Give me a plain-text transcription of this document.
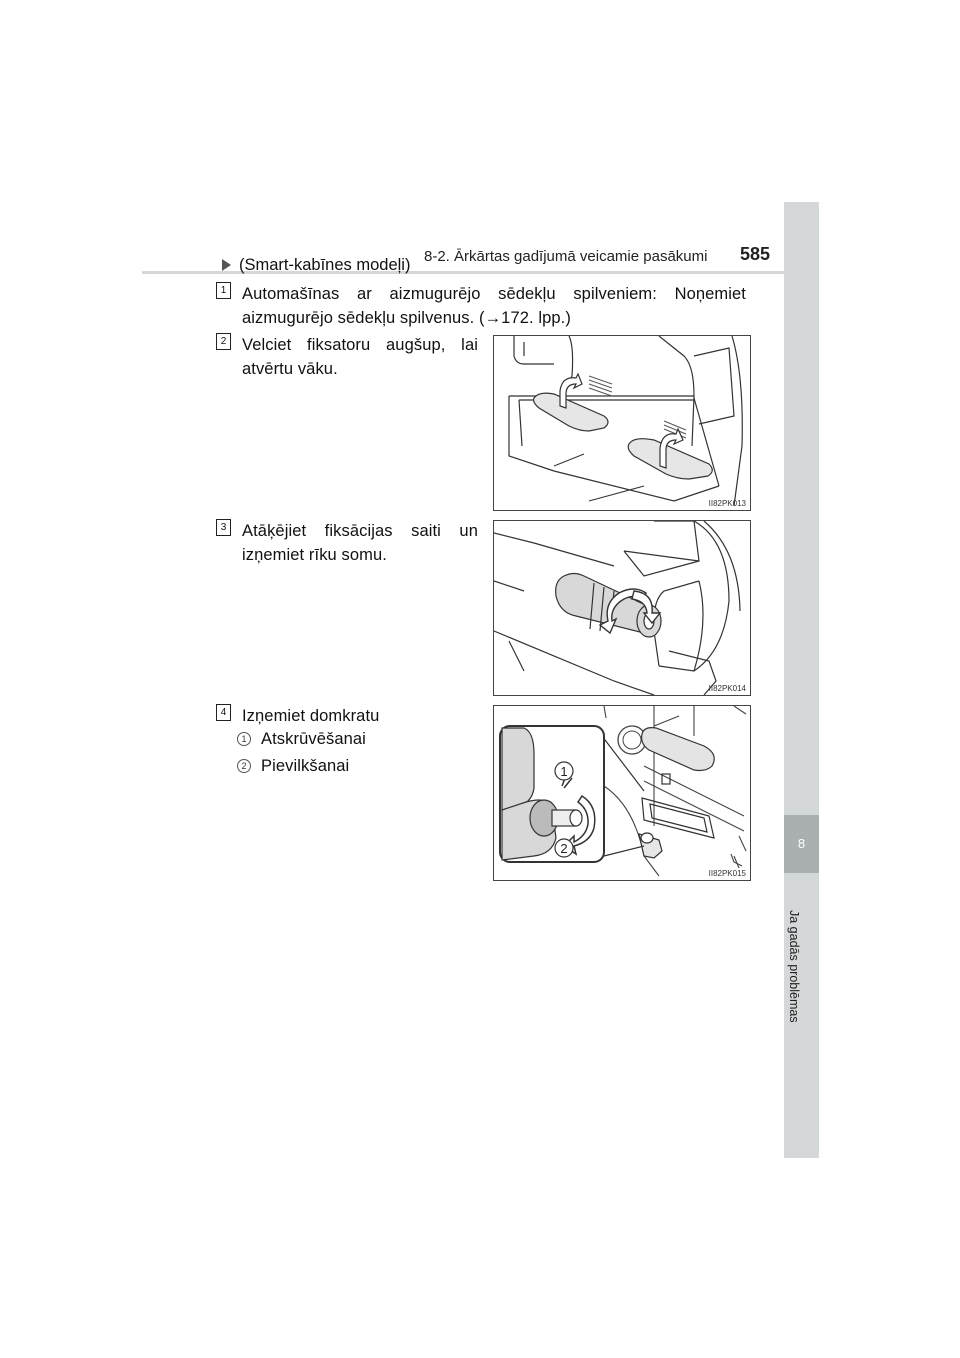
8-2. Ārkārtas gadījumā veicamie pasākumi 585
8
Ja gadās problēmas
(Smart-kabīnes modeļi)
1 Automašīnas ar aizmugurējo sēdekļu spilveniem: Noņemiet
aizmugurējo sēdekļu spilvenus. (→172. lpp.)
2 Velciet fiksatoru augšup, lai
atvērtu vāku.
II82PK013
3 Atāķējiet fiksācijas saiti un
izņemiet rīku somu.
II82PK014
4 Izņemiet domkratu
1 Atskrūvēšanai
2 Pievilkšanai	1
2
II82PK015
